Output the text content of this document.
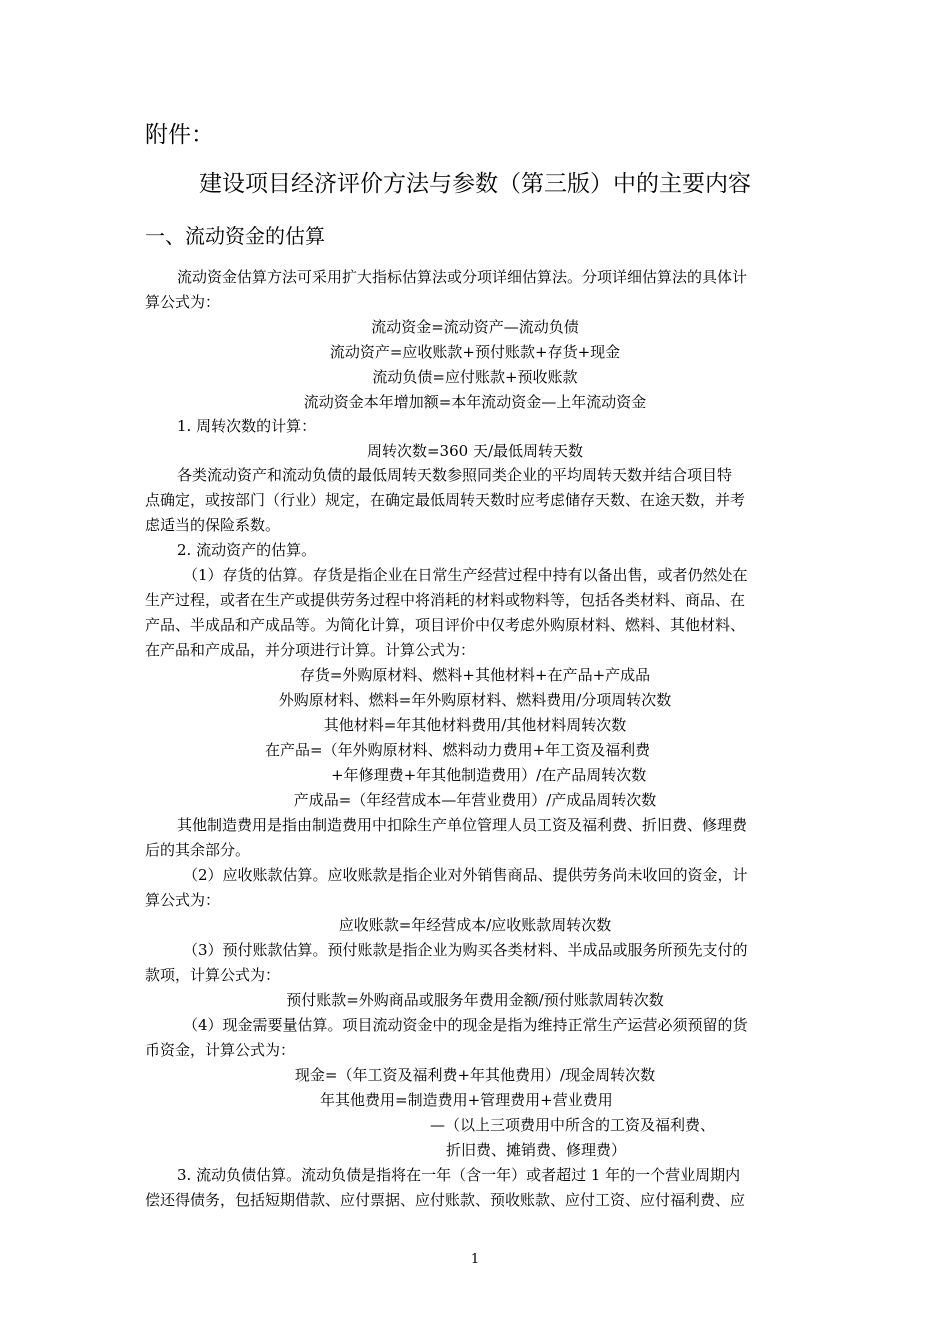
附件：
建设项目经济评价方法与参数（第三版）中的主要内容
一、流动资金的估算
流动资金估算方法可采用扩大指标估算法或分项详细估算法。分项详细估算法的具体计
算公式为：
流动资金=流动资产—流动负债
流动资产=应收账款+预付账款+存货+现金
流动负债=应付账款+预收账款
流动资金本年增加额=本年流动资金—上年流动资金
1. 周转次数的计算：
周转次数=360 天/最低周转天数
各类流动资产和流动负债的最低周转天数参照同类企业的平均周转天数并结合项目特
点确定，或按部门（行业）规定，在确定最低周转天数时应考虑储存天数、在途天数，并考
虑适当的保险系数。
2. 流动资产的估算。
（1）存货的估算。存货是指企业在日常生产经营过程中持有以备出售，或者仍然处在
生产过程，或者在生产或提供劳务过程中将消耗的材料或物料等，包括各类材料、商品、在
产品、半成品和产成品等。为简化计算，项目评价中仅考虑外购原材料、燃料、其他材料、
在产品和产成品，并分项进行计算。计算公式为：
存货=外购原材料、燃料+其他材料+在产品+产成品
外购原材料、燃料=年外购原材料、燃料费用/分项周转次数
其他材料=年其他材料费用/其他材料周转次数
在产品=（年外购原材料、燃料动力费用+年工资及福利费
+年修理费+年其他制造费用）/在产品周转次数
产成品=（年经营成本—年营业费用）/产成品周转次数
其他制造费用是指由制造费用中扣除生产单位管理人员工资及福利费、折旧费、修理费
后的其余部分。
（2）应收账款估算。应收账款是指企业对外销售商品、提供劳务尚未收回的资金，计
算公式为：
应收账款=年经营成本/应收账款周转次数
（3）预付账款估算。预付账款是指企业为购买各类材料、半成品或服务所预先支付的
款项，计算公式为：
预付账款=外购商品或服务年费用金额/预付账款周转次数
（4）现金需要量估算。项目流动资金中的现金是指为维持正常生产运营必须预留的货
币资金，计算公式为：
现金=（年工资及福利费+年其他费用）/现金周转次数
年其他费用=制造费用+管理费用+营业费用
—（以上三项费用中所含的工资及福利费、
折旧费、摊销费、修理费）
3. 流动负债估算。流动负债是指将在一年（含一年）或者超过 1 年的一个营业周期内
偿还得债务，包括短期借款、应付票据、应付账款、预收账款、应付工资、应付福利费、应
1
